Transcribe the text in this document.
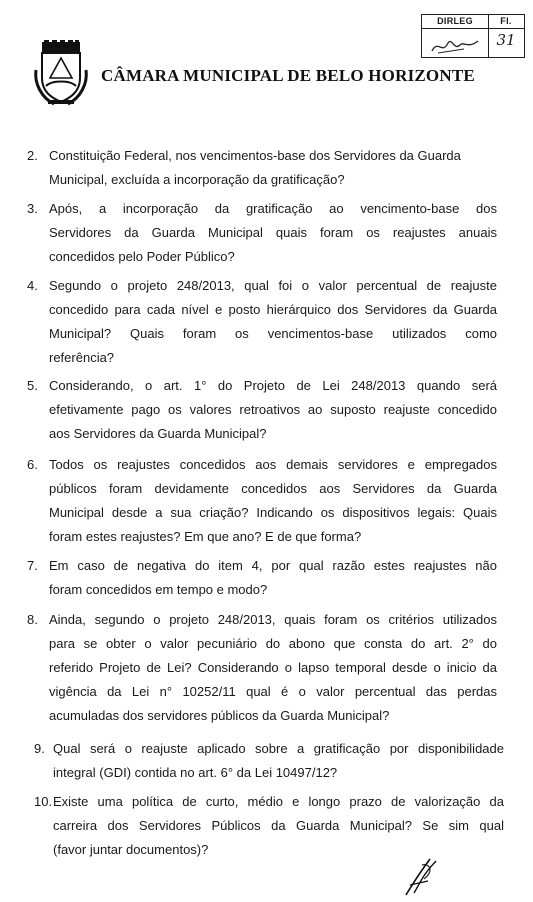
DIRLEG	Fl.
31
CÂMARA MUNICIPAL DE BELO HORIZONTE
2. Constituição Federal, nos vencimentos-base dos Servidores da Guarda
Municipal, excluída a incorporação da gratificação?
3. Após, a incorporação da gratificação ao vencimento-base dos
Servidores da Guarda Municipal quais foram os reajustes anuais
concedidos pelo Poder Público?
4. Segundo o projeto 248/2013, qual foi o valor percentual de reajuste
concedido para cada nível e posto hierárquico dos Servidores da Guarda
Municipal? Quais foram os vencimentos-base utilizados como
referência?
5. Considerando, o art. 1° do Projeto de Lei 248/2013 quando será
efetivamente pago os valores retroativos ao suposto reajuste concedido
aos Servidores da Guarda Municipal?
6. Todos os reajustes concedidos aos demais servidores e empregados
públicos foram devidamente concedidos aos Servidores da Guarda
Municipal desde a sua criação? Indicando os dispositivos legais: Quais
foram estes reajustes? Em que ano? E de que forma?
7. Em caso de negativa do item 4, por qual razão estes reajustes não
foram concedidos em tempo e modo?
8. Ainda, segundo o projeto 248/2013, quais foram os critérios utilizados
para se obter o valor pecuniário do abono que consta do art. 2° do
referido Projeto de Lei? Considerando o lapso temporal desde o inicio da
vigência da Lei n° 10252/11 qual é o valor percentual das perdas
acumuladas dos servidores públicos da Guarda Municipal?
9. Qual será o reajuste aplicado sobre a gratificação por disponibilidade
integral (GDI) contida no art. 6° da Lei 10497/12?
10. Existe uma política de curto, médio e longo prazo de valorização da
carreira dos Servidores Públicos da Guarda Municipal? Se sim qual
(favor juntar documentos)?
